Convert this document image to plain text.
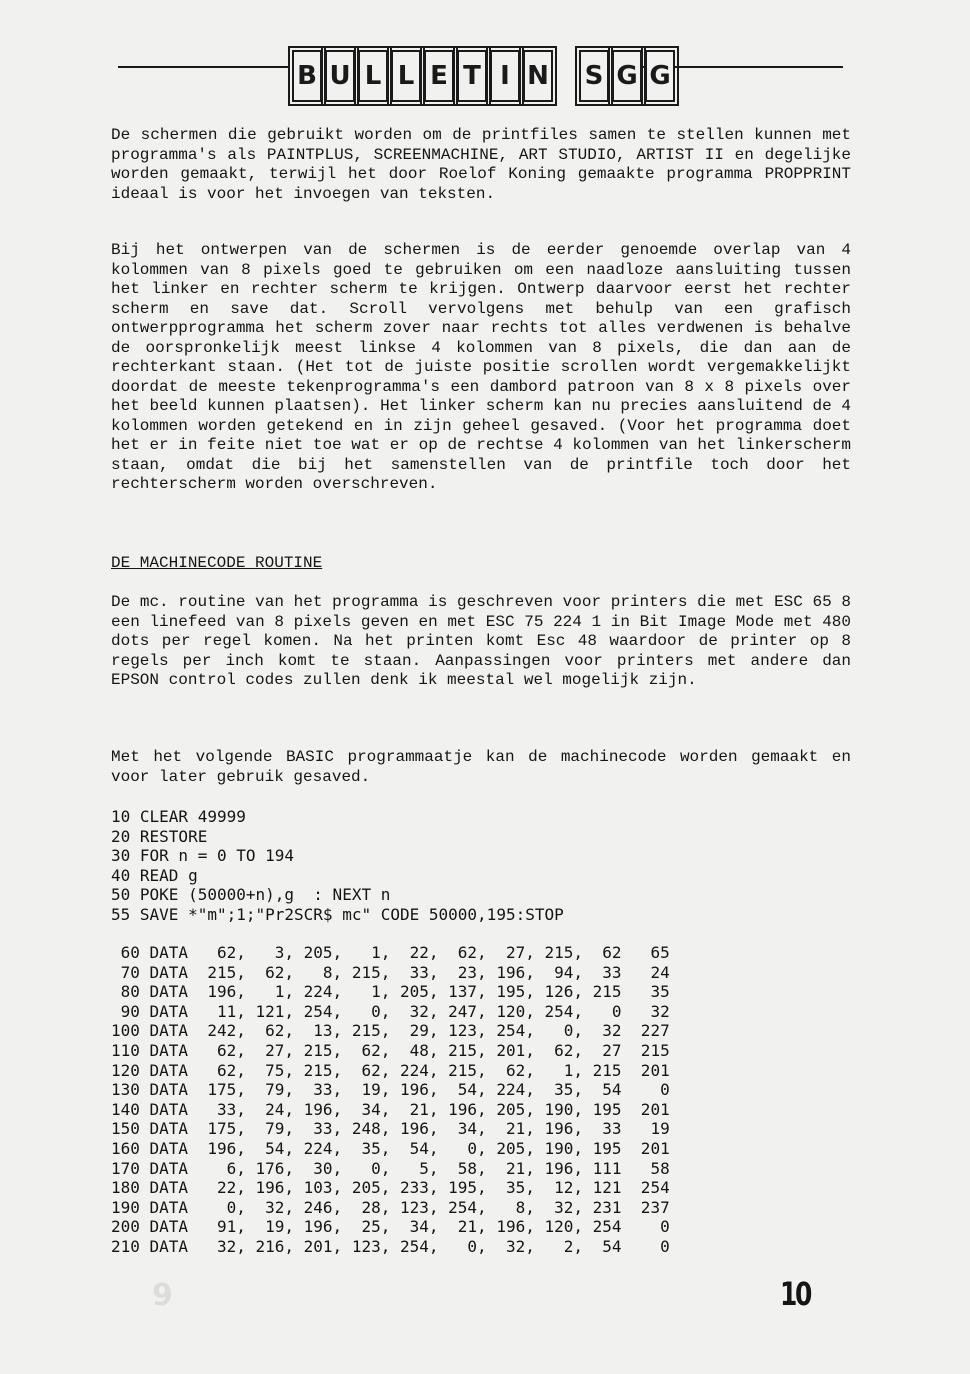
B U L L E T I N S G G

De schermen die gebruikt worden om de printfiles samen te stellen kunnen met programma's als PAINTPLUS, SCREENMACHINE, ART STUDIO, ARTIST II en degelijke worden gemaakt, terwijl het door Roelof Koning gemaakte programma PROPPRINT ideaal is voor het invoegen van teksten.

Bij het ontwerpen van de schermen is de eerder genoemde overlap van 4 kolommen van 8 pixels goed te gebruiken om een naadloze aansluiting tussen het linker en rechter scherm te krijgen. Ontwerp daarvoor eerst het rechter scherm en save dat. Scroll vervolgens met behulp van een grafisch ontwerpprogramma het scherm zover naar rechts tot alles verdwenen is behalve de oorspronkelijk meest linkse 4 kolommen van 8 pixels, die dan aan de rechterkant staan. (Het tot de juiste positie scrollen wordt vergemakkelijkt doordat de meeste tekenprogramma's een dambord patroon van 8 x 8 pixels over het beeld kunnen plaatsen). Het linker scherm kan nu precies aansluitend de 4 kolommen worden getekend en in zijn geheel gesaved. (Voor het programma doet het er in feite niet toe wat er op de rechtse 4 kolommen van het linkerscherm staan, omdat die bij het samenstellen van de printfile toch door het rechterscherm worden overschreven.

DE MACHINECODE ROUTINE

De mc. routine van het programma is geschreven voor printers die met ESC 65 8 een linefeed van 8 pixels geven en met ESC 75 224 1 in Bit Image Mode met 480 dots per regel komen. Na het printen komt Esc 48 waardoor de printer op 8 regels per inch komt te staan. Aanpassingen voor printers met andere dan EPSON control codes zullen denk ik meestal wel mogelijk zijn.

Met het volgende BASIC programmaatje kan de machinecode worden gemaakt en voor later gebruik gesaved.

10 CLEAR 49999
20 RESTORE
30 FOR n = 0 TO 194
40 READ g
50 POKE (50000+n),g  : NEXT n
55 SAVE *"m";1;"Pr2SCR$ mc" CODE 50000,195:STOP
60 DATA   62,   3, 205,   1,  22,  62,  27, 215,  62   65
70 DATA  215,  62,   8, 215,  33,  23, 196,  94,  33   24
80 DATA  196,   1, 224,   1, 205, 137, 195, 126, 215   35
90 DATA   11, 121, 254,   0,  32, 247, 120, 254,   0   32
100 DATA  242,  62,  13, 215,  29, 123, 254,   0,  32  227
110 DATA   62,  27, 215,  62,  48, 215, 201,  62,  27  215
120 DATA   62,  75, 215,  62, 224, 215,  62,   1, 215  201
130 DATA  175,  79,  33,  19, 196,  54, 224,  35,  54    0
140 DATA   33,  24, 196,  34,  21, 196, 205, 190, 195  201
150 DATA  175,  79,  33, 248, 196,  34,  21, 196,  33   19
160 DATA  196,  54, 224,  35,  54,   0, 205, 190, 195  201
170 DATA    6, 176,  30,   0,   5,  58,  21, 196, 111   58
180 DATA   22, 196, 103, 205, 233, 195,  35,  12, 121  254
190 DATA    0,  32, 246,  28, 123, 254,   8,  32, 231  237
200 DATA   91,  19, 196,  25,  34,  21, 196, 120, 254    0
210 DATA   32, 216, 201, 123, 254,   0,  32,   2,  54    0
9	10
